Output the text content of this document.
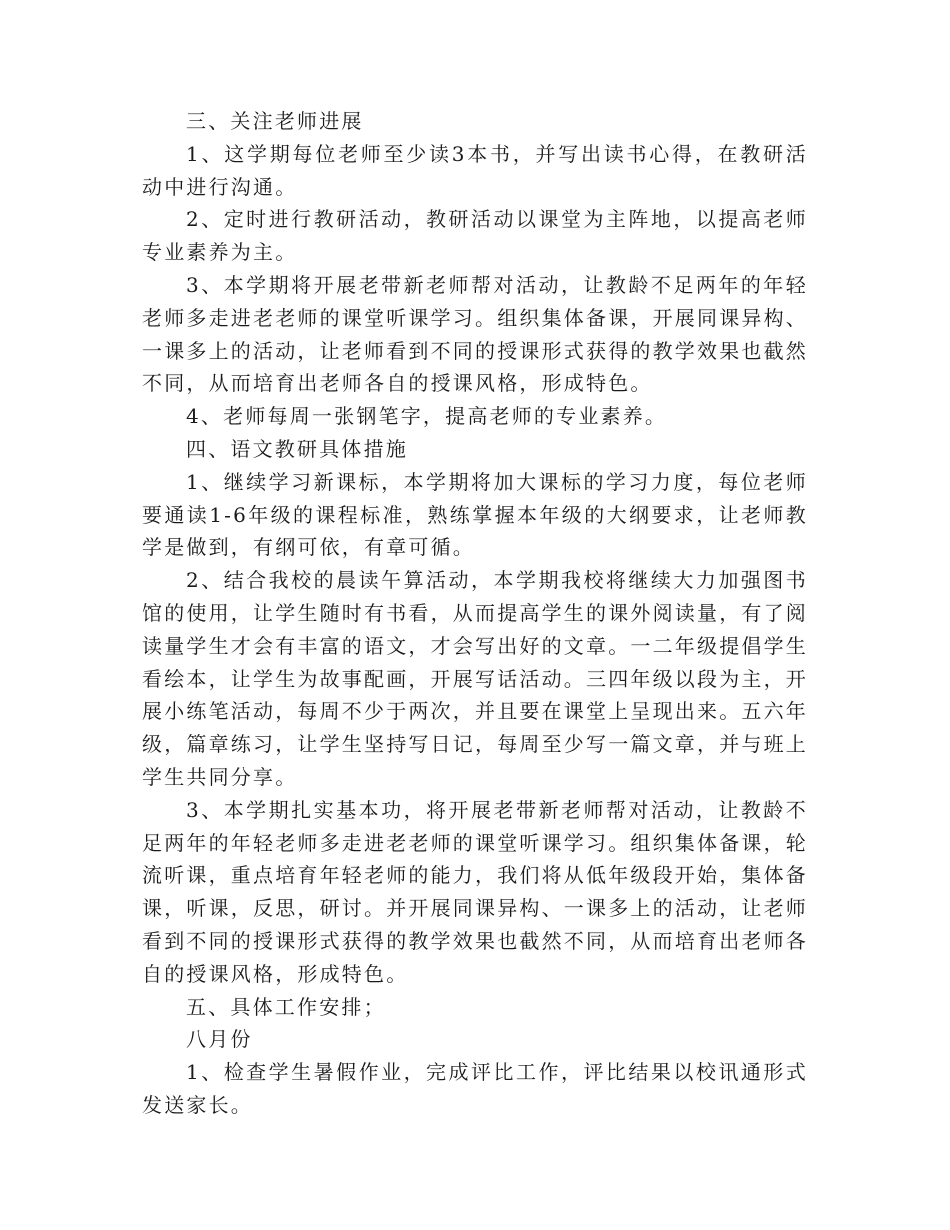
三、关注老师进展

1、这学期每位老师至少读3本书，并写出读书心得，在教研活动中进行沟通。

2、定时进行教研活动，教研活动以课堂为主阵地，以提高老师专业素养为主。

3、本学期将开展老带新老师帮对活动，让教龄不足两年的年轻老师多走进老老师的课堂听课学习。组织集体备课，开展同课异构、一课多上的活动，让老师看到不同的授课形式获得的教学效果也截然不同，从而培育出老师各自的授课风格，形成特色。

4、老师每周一张钢笔字，提高老师的专业素养。

四、语文教研具体措施

1、继续学习新课标，本学期将加大课标的学习力度，每位老师要通读1-6年级的课程标准，熟练掌握本年级的大纲要求，让老师教学是做到，有纲可依，有章可循。

2、结合我校的晨读午算活动，本学期我校将继续大力加强图书馆的使用，让学生随时有书看，从而提高学生的课外阅读量，有了阅读量学生才会有丰富的语文，才会写出好的文章。一二年级提倡学生看绘本，让学生为故事配画，开展写话活动。三四年级以段为主，开展小练笔活动，每周不少于两次，并且要在课堂上呈现出来。五六年级，篇章练习，让学生坚持写日记，每周至少写一篇文章，并与班上学生共同分享。

3、本学期扎实基本功，将开展老带新老师帮对活动，让教龄不足两年的年轻老师多走进老老师的课堂听课学习。组织集体备课，轮流听课，重点培育年轻老师的能力，我们将从低年级段开始，集体备课，听课，反思，研讨。并开展同课异构、一课多上的活动，让老师看到不同的授课形式获得的教学效果也截然不同，从而培育出老师各自的授课风格，形成特色。

五、具体工作安排；

八月份

1、检查学生暑假作业，完成评比工作，评比结果以校讯通形式发送家长。
